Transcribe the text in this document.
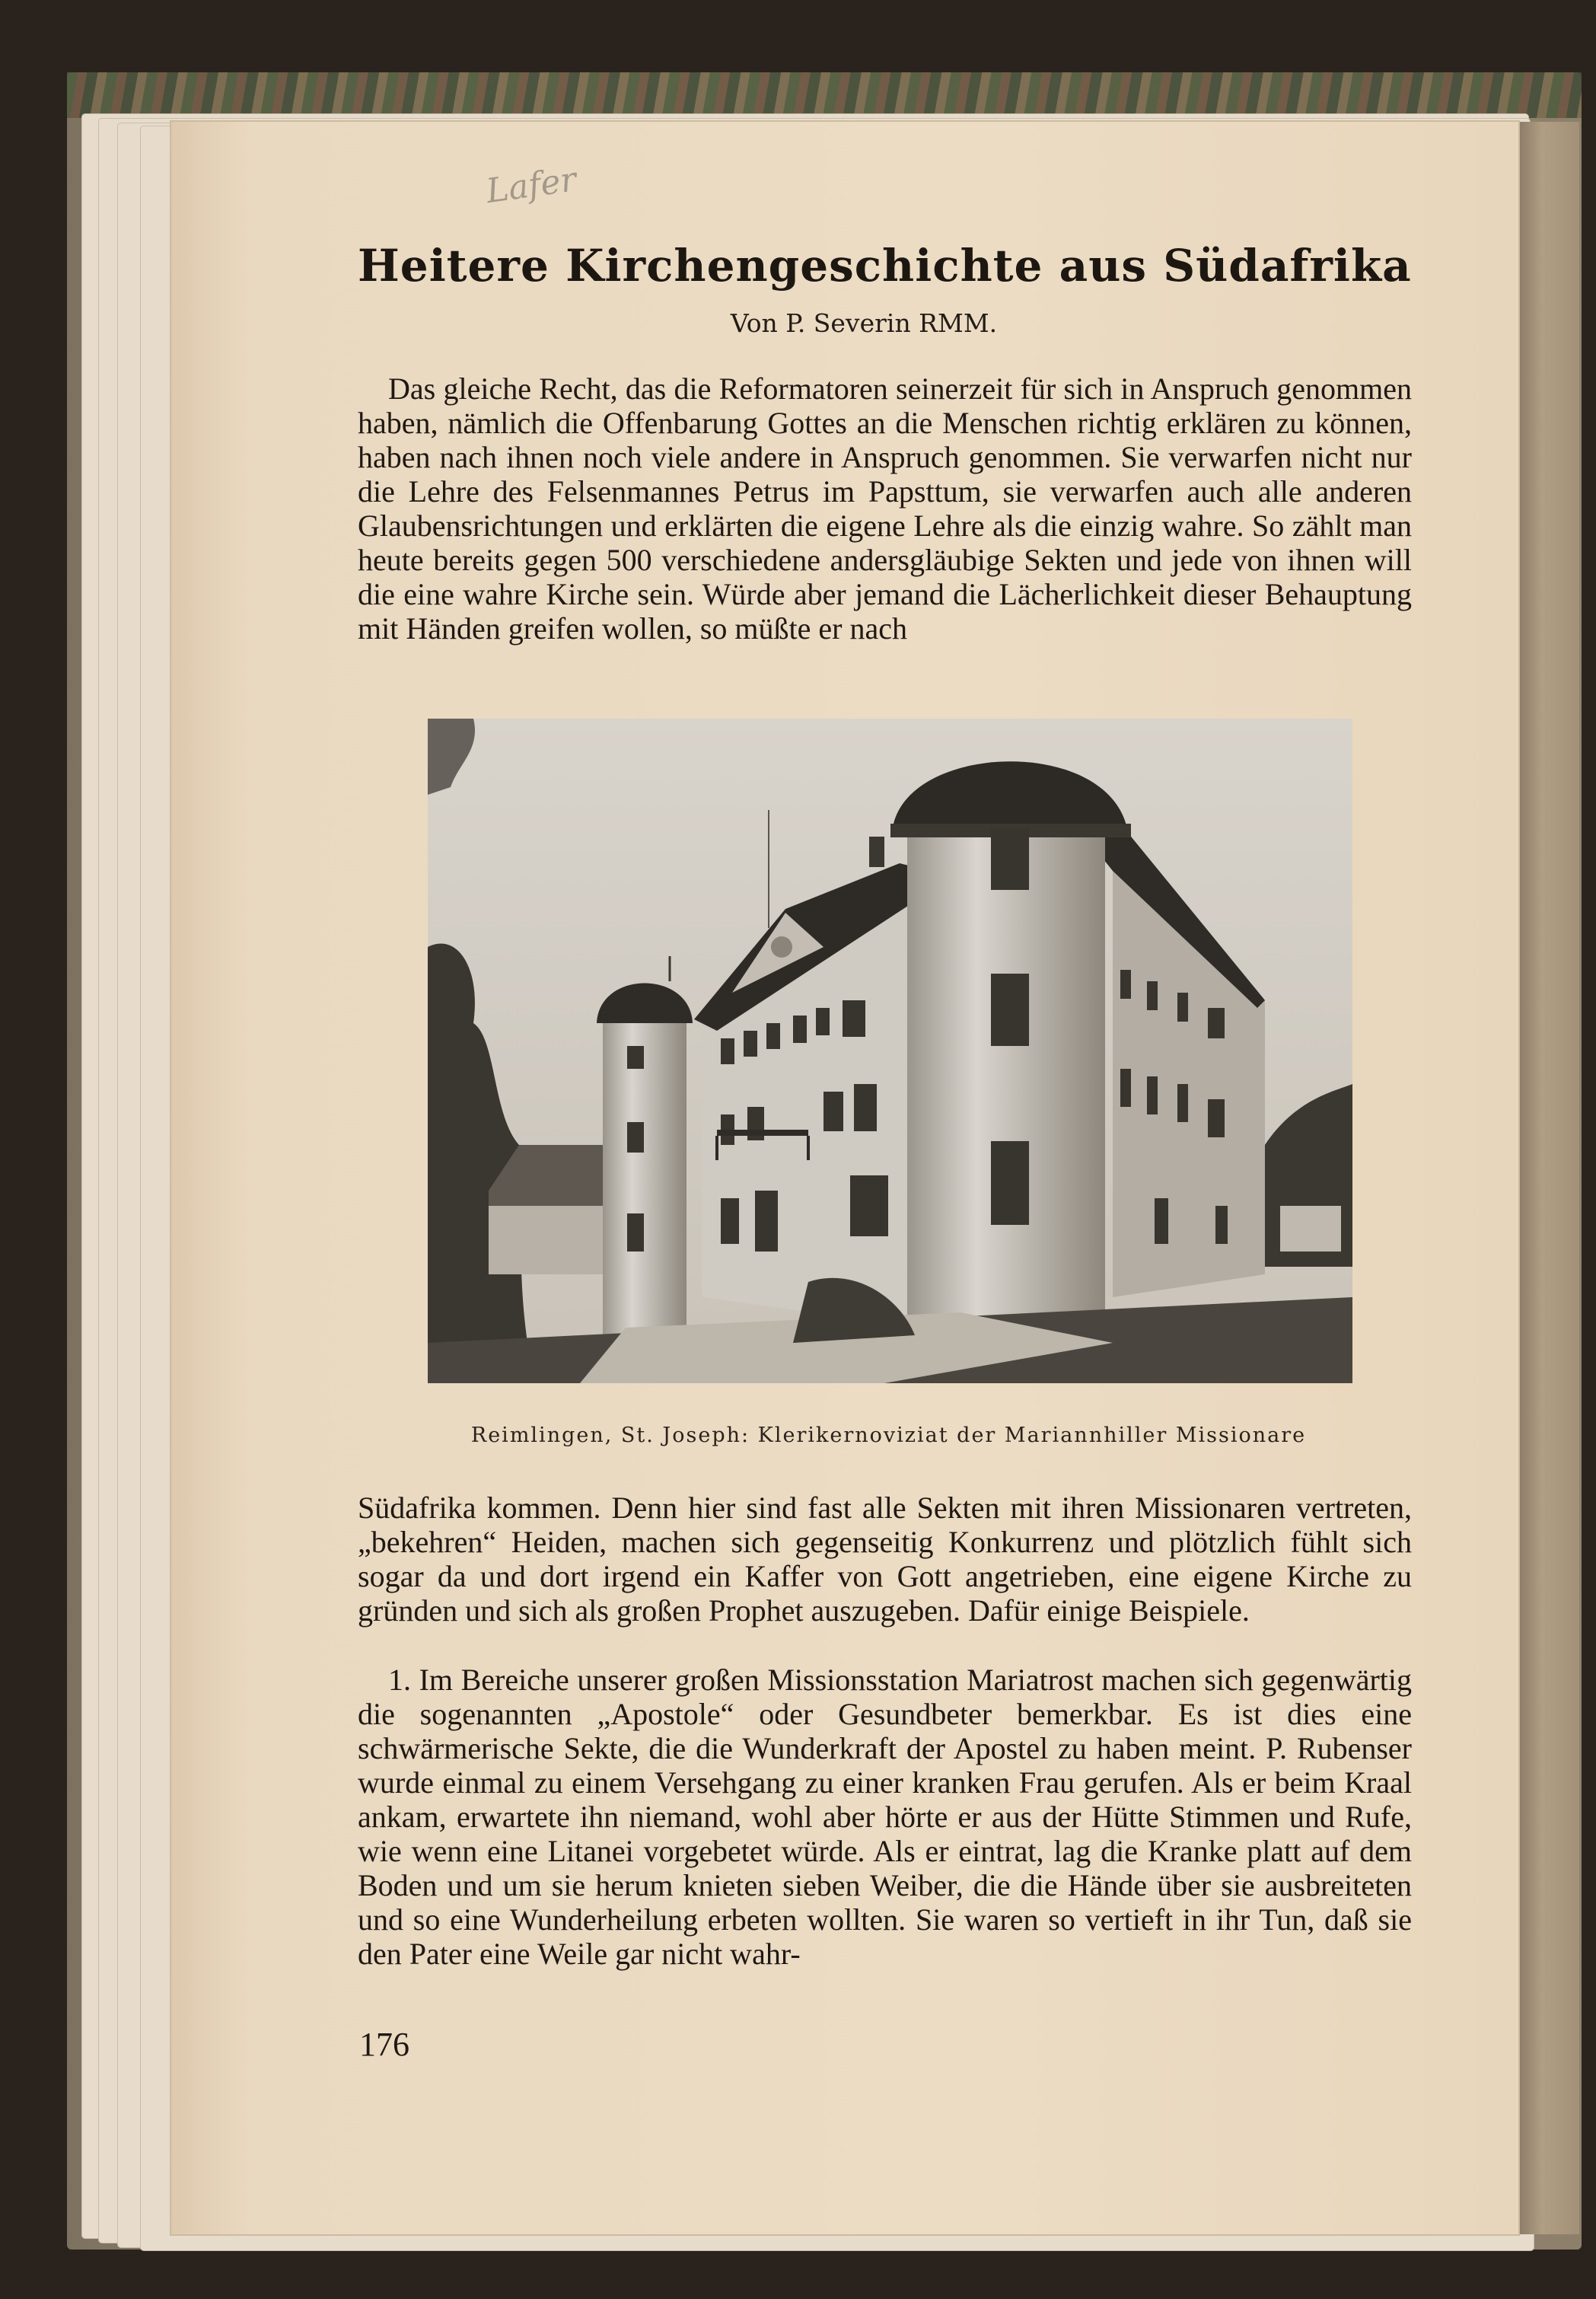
Lafer
Heitere Kirchengeschichte aus Südafrika
Von P. Severin RMM.
Das gleiche Recht, das die Reformatoren seinerzeit für sich in Anspruch genommen haben, nämlich die Offenbarung Gottes an die Menschen richtig erklären zu können, haben nach ihnen noch viele andere in Anspruch genommen. Sie verwarfen nicht nur die Lehre des Felsenmannes Petrus im Papsttum, sie verwarfen auch alle anderen Glaubensrichtungen und erklärten die eigene Lehre als die einzig wahre. So zählt man heute bereits gegen 500 verschiedene andersgläubige Sekten und jede von ihnen will die eine wahre Kirche sein. Würde aber jemand die Lächerlichkeit dieser Behauptung mit Händen greifen wollen, so müßte er nach
Reimlingen, St. Joseph: Klerikernoviziat der Mariannhiller Missionare
Südafrika kommen. Denn hier sind fast alle Sekten mit ihren Missionaren vertreten, „bekehren“ Heiden, machen sich gegenseitig Konkurrenz und plötzlich fühlt sich sogar da und dort irgend ein Kaffer von Gott angetrieben, eine eigene Kirche zu gründen und sich als großen Prophet auszugeben. Dafür einige Beispiele.
1. Im Bereiche unserer großen Missionsstation Mariatrost machen sich gegenwärtig die sogenannten „Apostole“ oder Gesundbeter bemerkbar. Es ist dies eine schwärmerische Sekte, die die Wunderkraft der Apostel zu haben meint. P. Rubenser wurde einmal zu einem Versehgang zu einer kranken Frau gerufen. Als er beim Kraal ankam, erwartete ihn niemand, wohl aber hörte er aus der Hütte Stimmen und Rufe, wie wenn eine Litanei vorgebetet würde. Als er eintrat, lag die Kranke platt auf dem Boden und um sie herum knieten sieben Weiber, die die Hände über sie ausbreiteten und so eine Wunderheilung erbeten wollten. Sie waren so vertieft in ihr Tun, daß sie den Pater eine Weile gar nicht wahr-
176
